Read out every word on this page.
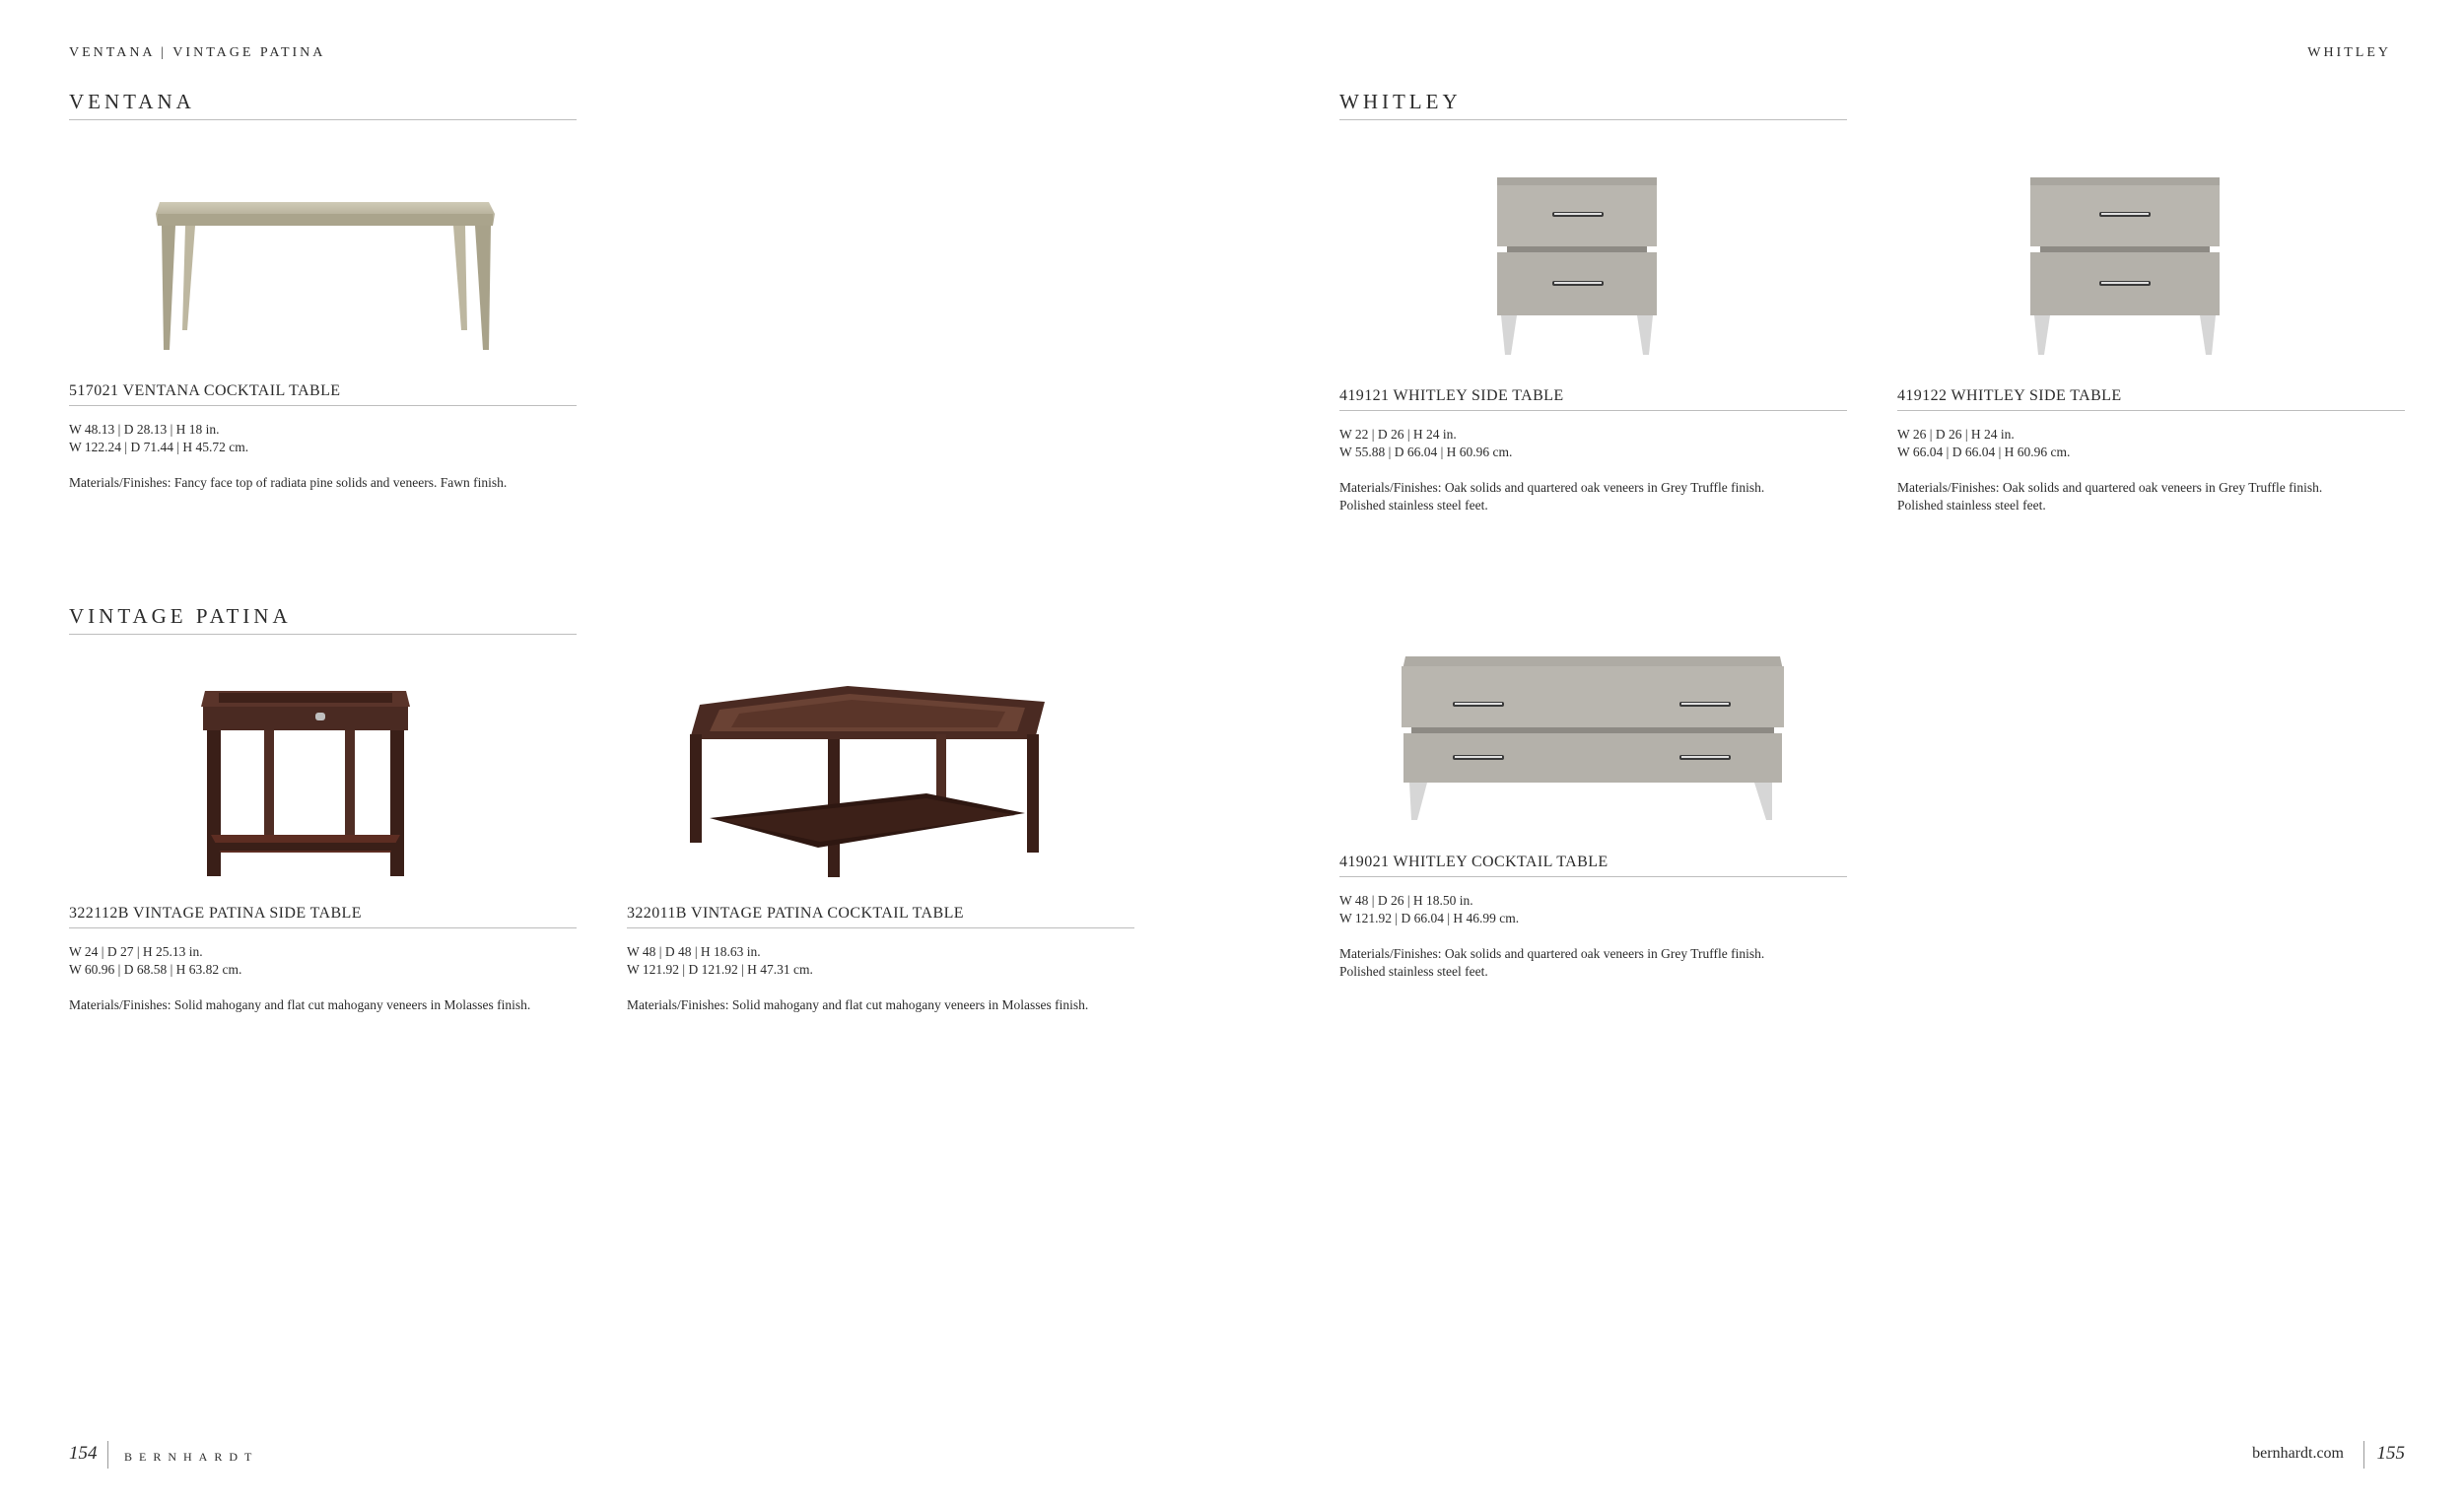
VENTANA | VINTAGE PATINA	WHITLEY
VENTANA
517021 VENTANA COCKTAIL TABLE
W 48.13 | D 28.13 | H 18 in.
W 122.24 | D 71.44 | H 45.72 cm.
Materials/Finishes: Fancy face top of radiata pine solids and veneers. Fawn finish.
VINTAGE PATINA
322112B VINTAGE PATINA SIDE TABLE
W 24 | D 27 | H 25.13 in.
W 60.96 | D 68.58 | H 63.82 cm.
Materials/Finishes: Solid mahogany and flat cut mahogany veneers in Molasses finish.
322011B VINTAGE PATINA COCKTAIL TABLE
W 48 | D 48 | H 18.63 in.
W 121.92 | D 121.92 | H 47.31 cm.
Materials/Finishes: Solid mahogany and flat cut mahogany veneers in Molasses finish.
WHITLEY
419121 WHITLEY SIDE TABLE
W 22 | D 26 | H 24 in.
W 55.88 | D 66.04 | H 60.96 cm.
Materials/Finishes: Oak solids and quartered oak veneers in Grey Truffle finish.
Polished stainless steel feet.
419122 WHITLEY SIDE TABLE
W 26 | D 26 | H 24 in.
W 66.04 | D 66.04 | H 60.96 cm.
Materials/Finishes: Oak solids and quartered oak veneers in Grey Truffle finish.
Polished stainless steel feet.
419021 WHITLEY COCKTAIL TABLE
W 48 | D 26 | H 18.50 in.
W 121.92 | D 66.04 | H 46.99 cm.
Materials/Finishes: Oak solids and quartered oak veneers in Grey Truffle finish.
Polished stainless steel feet.
154 BERNHARDT	bernhardt.com 155
